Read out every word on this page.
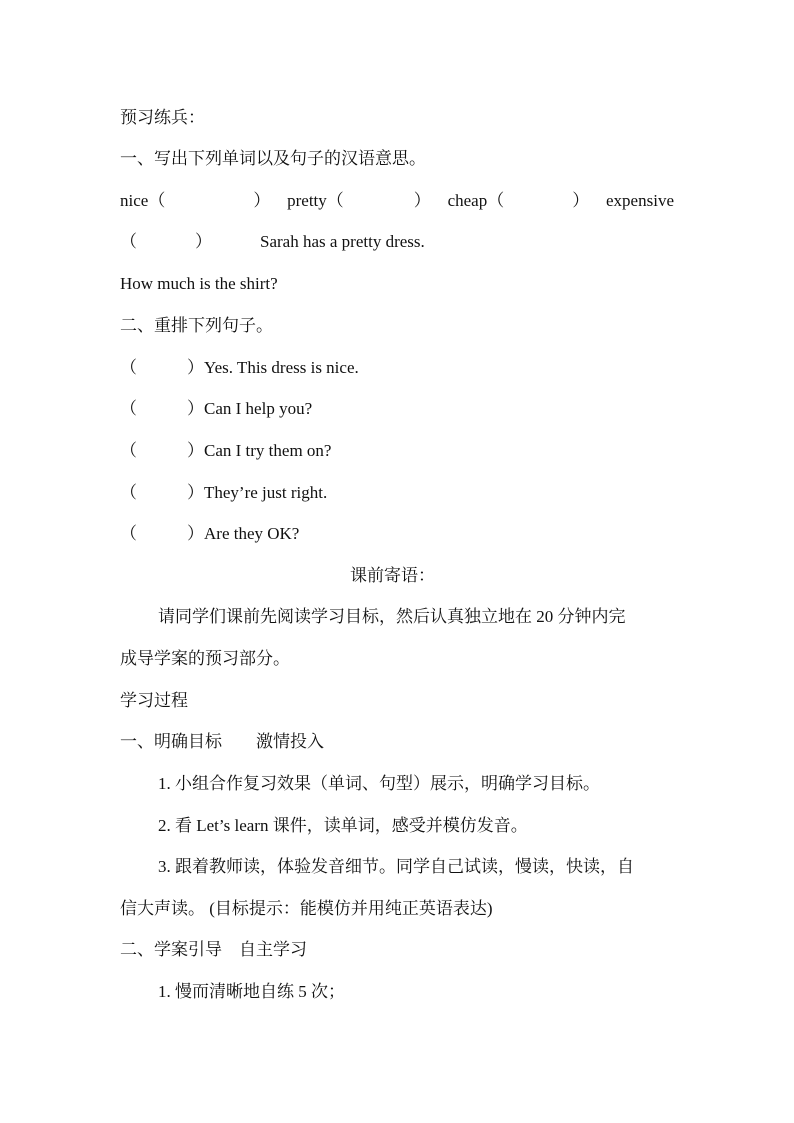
预习练兵：
一、写出下列单词以及句子的汉语意思。
nice（	） pretty（	） cheap（	） expensive
（	）	Sarah has a pretty dress.
How much is the shirt?
二、重排下列句子。
（	）Yes. This dress is nice.
（	）Can I help you?
（	）Can I try them on?
（	）They’re just right.
（	）Are they OK?
课前寄语：
请同学们课前先阅读学习目标，然后认真独立地在 20 分钟内完
成导学案的预习部分。
学习过程
一、明确目标　　激情投入
1. 小组合作复习效果（单词、句型）展示，明确学习目标。
2. 看 Let’s learn 课件，读单词，感受并模仿发音。
3. 跟着教师读，体验发音细节。同学自己试读，慢读，快读，自
信大声读。 (目标提示：能模仿并用纯正英语表达)
二、学案引导　自主学习
1. 慢而清晰地自练 5 次；
